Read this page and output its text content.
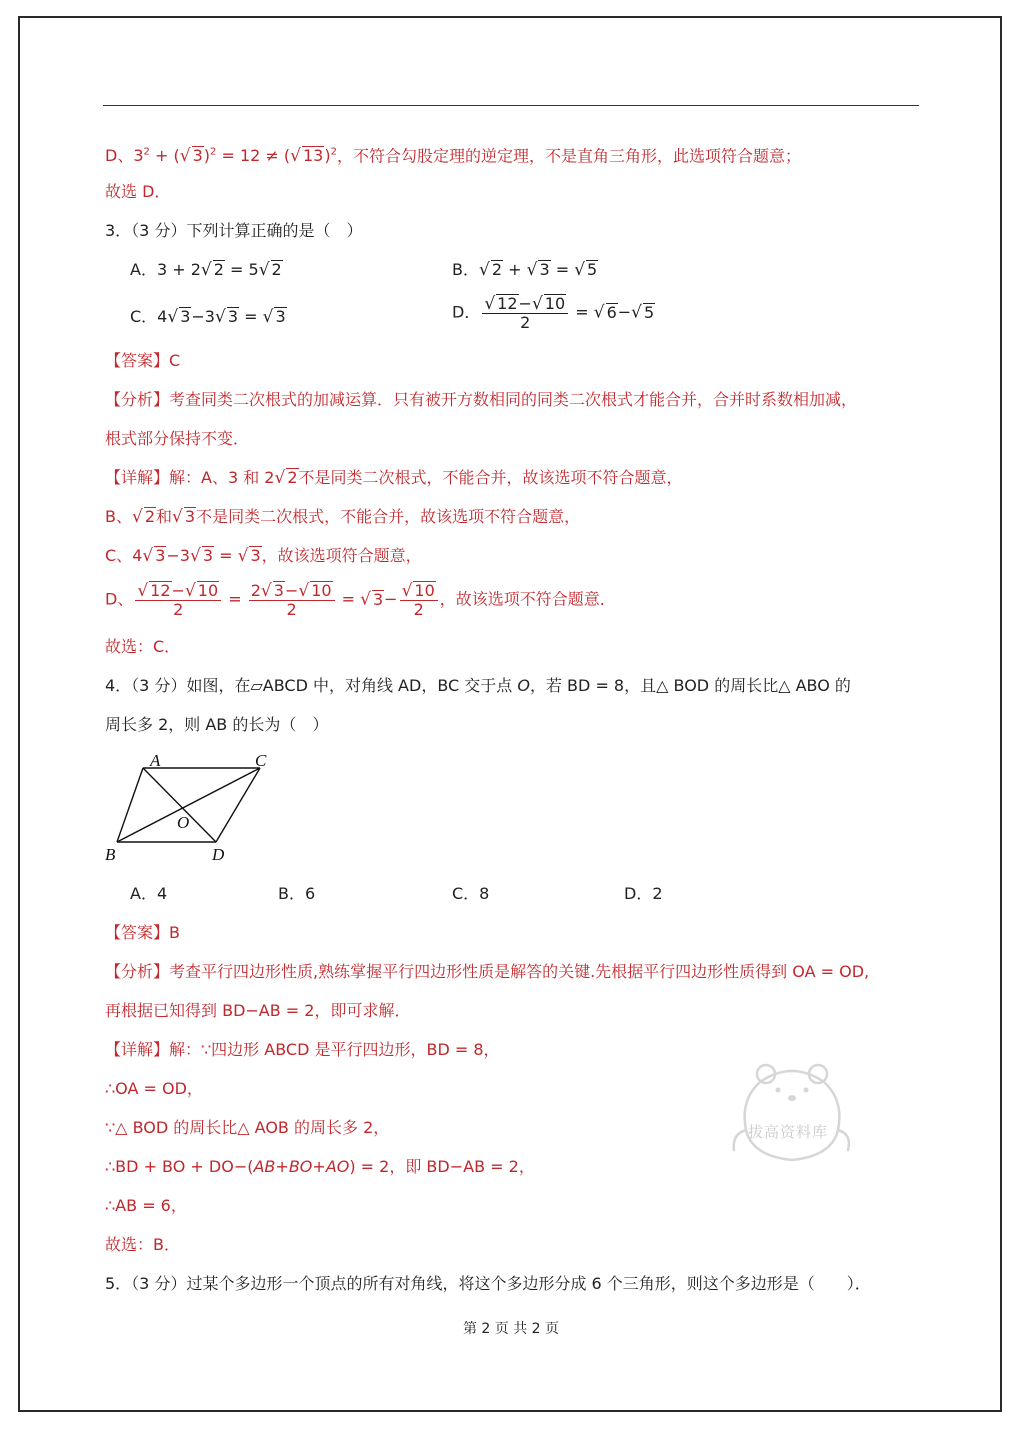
D、$3^2$ + (√ 3)$^2$ = 12 ≠ (√ 13)$^2$，不符合勾股定理的逆定理，不是直角三角形，此选项符合题意；
故选 D．
3．（3 分）下列计算正确的是（　）
A．3 + 2√ 2 = 5√ 2	B．√ 2 + √ 3 = √ 5
C．4√ 3−3√ 3 = √ 3	D． $\frac{√ 12-√ 10}{2}$ = √ 6−√ 5
【答案】C
【分析】考查同类二次根式的加减运算．只有被开方数相同的同类二次根式才能合并，合并时系数相加减，
根式部分保持不变．
【详解】解：A、3 和 2√ 2不是同类二次根式，不能合并，故该选项不符合题意，
B、√ 2和√ 3不是同类二次根式，不能合并，故该选项不符合题意，
C、4√ 3−3√ 3 = √ 3，故该选项符合题意，
D、 $\frac{√ 12-√ 10}{2} = \frac{2√ 3-√ 10}{2}$ = √ $3- \frac{√ 10}{2}$ ，故该选项不符合题意．
故选：C．
4．（3 分）如图，在▱ABCD 中，对角线 AD，BC 交于点 O，若 BD = 8，且△ BOD 的周长比△ ABO 的
周长多 2，则 AB 的长为（　）
A	C
O
B	D
A．4	B．6	C．8	D．2
【答案】B
【分析】考查平行四边形性质,熟练掌握平行四边形性质是解答的关键.先根据平行四边形性质得到 OA = OD,
再根据已知得到 BD−AB = 2，即可求解．
【详解】解：∵四边形 ABCD 是平行四边形，BD = 8，
∴OA = OD，
∵△ BOD 的周长比△ AOB 的周长多 2，
∴BD + BO + DO−(AB+BO+AO) = 2，即 BD−AB = 2，
∴AB = 6，
故选：B．
5．（3 分）过某个多边形一个顶点的所有对角线，将这个多边形分成 6 个三角形，则这个多边形是（　　）．
拔高资料库
第 2 页 共 2 页
